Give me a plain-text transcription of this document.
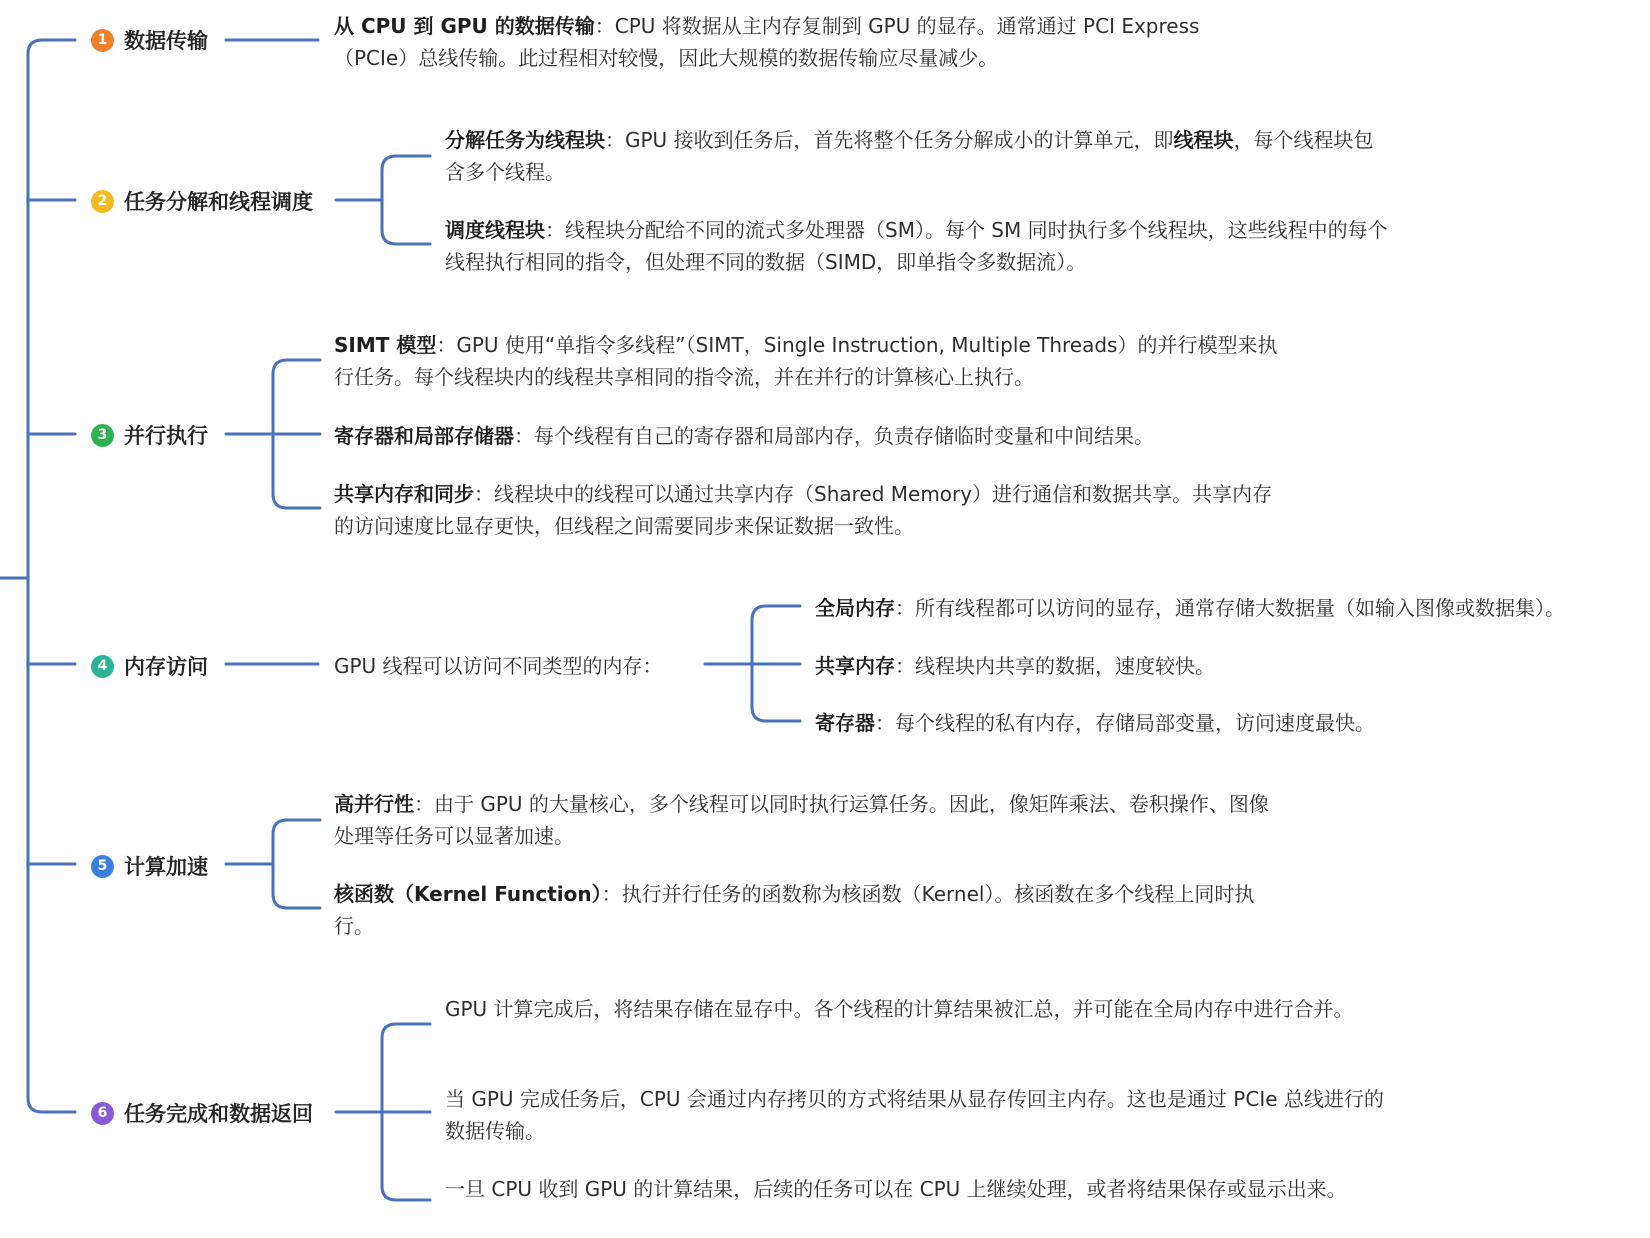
1 数据传输
从 CPU 到 GPU 的数据传输：CPU 将数据从主内存复制到 GPU 的显存。通常通过 PCI Express（PCIe）总线传输。此过程相对较慢，因此大规模的数据传输应尽量减少。
2 任务分解和线程调度
分解任务为线程块：GPU 接收到任务后，首先将整个任务分解成小的计算单元，即线程块，每个线程块包含多个线程。
调度线程块：线程块分配给不同的流式多处理器（SM）。每个 SM 同时执行多个线程块，这些线程中的每个线程执行相同的指令，但处理不同的数据（SIMD，即单指令多数据流）。
3 并行执行
SIMT 模型：GPU 使用“单指令多线程”（SIMT，Single Instruction, Multiple Threads）的并行模型来执行任务。每个线程块内的线程共享相同的指令流，并在并行的计算核心上执行。
寄存器和局部存储器：每个线程有自己的寄存器和局部内存，负责存储临时变量和中间结果。
共享内存和同步：线程块中的线程可以通过共享内存（Shared Memory）进行通信和数据共享。共享内存的访问速度比显存更快，但线程之间需要同步来保证数据一致性。
4 内存访问	GPU 线程可以访问不同类型的内存：
全局内存：所有线程都可以访问的显存，通常存储大数据量（如输入图像或数据集）。
共享内存：线程块内共享的数据，速度较快。
寄存器：每个线程的私有内存，存储局部变量，访问速度最快。
5 计算加速
高并行性：由于 GPU 的大量核心，多个线程可以同时执行运算任务。因此，像矩阵乘法、卷积操作、图像处理等任务可以显著加速。
核函数（Kernel Function）：执行并行任务的函数称为核函数（Kernel）。核函数在多个线程上同时执行。
6 任务完成和数据返回
GPU 计算完成后，将结果存储在显存中。各个线程的计算结果被汇总，并可能在全局内存中进行合并。
当 GPU 完成任务后，CPU 会通过内存拷贝的方式将结果从显存传回主内存。这也是通过 PCIe 总线进行的数据传输。
一旦 CPU 收到 GPU 的计算结果，后续的任务可以在 CPU 上继续处理，或者将结果保存或显示出来。
